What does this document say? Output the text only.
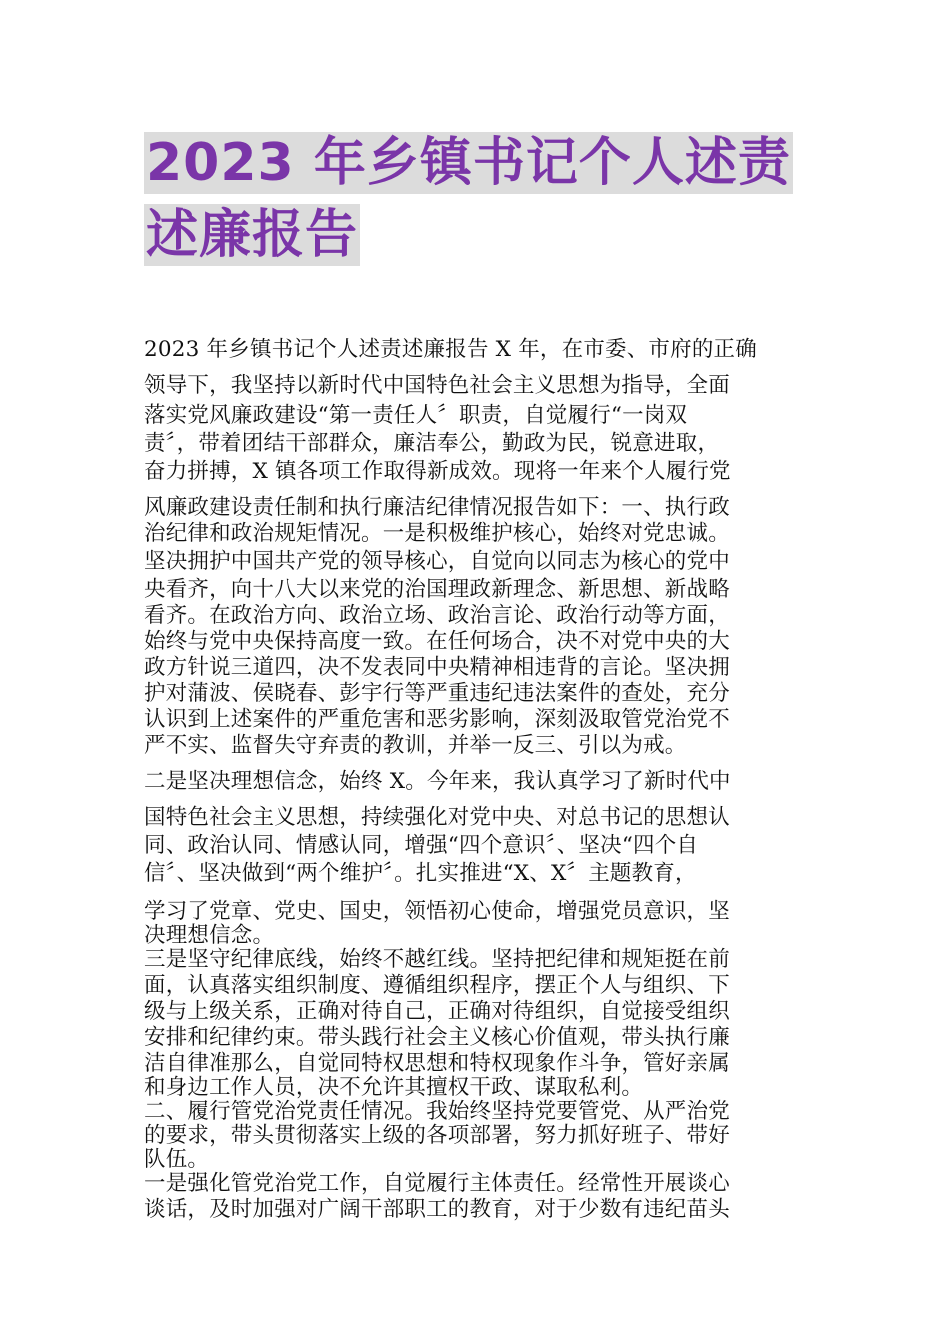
2023 年乡镇书记个人述责
述廉报告
2023 年乡镇书记个人述责述廉报告 X 年，在市委、市府的正确
领导下，我坚持以新时代中国特色社会主义思想为指导，全面
落实党风廉政建设“第一责任人〞职责，自觉履行“一岗双
责〞，带着团结干部群众，廉洁奉公，勤政为民，锐意进取，
奋力拼搏，X 镇各项工作取得新成效。现将一年来个人履行党
风廉政建设责任制和执行廉洁纪律情况报告如下：一、执行政
治纪律和政治规矩情况。一是积极维护核心，始终对党忠诚。
坚决拥护中国共产党的领导核心，自觉向以同志为核心的党中
央看齐，向十八大以来党的治国理政新理念、新思想、新战略
看齐。在政治方向、政治立场、政治言论、政治行动等方面，
始终与党中央保持高度一致。在任何场合，决不对党中央的大
政方针说三道四，决不发表同中央精神相违背的言论。坚决拥
护对蒲波、侯晓春、彭宇行等严重违纪违法案件的查处，充分
认识到上述案件的严重危害和恶劣影响，深刻汲取管党治党不
严不实、监督失守弃责的教训，并举一反三、引以为戒。
二是坚决理想信念，始终 X。今年来，我认真学习了新时代中
国特色社会主义思想，持续强化对党中央、对总书记的思想认
同、政治认同、情感认同，增强“四个意识〞、坚决“四个自
信〞、坚决做到“两个维护〞。扎实推进“X、X〞主题教育，
学习了党章、党史、国史，领悟初心使命，增强党员意识，坚
决理想信念。
三是坚守纪律底线，始终不越红线。坚持把纪律和规矩挺在前
面，认真落实组织制度、遵循组织程序，摆正个人与组织、下
级与上级关系，正确对待自己，正确对待组织，自觉接受组织
安排和纪律约束。带头践行社会主义核心价值观，带头执行廉
洁自律准那么，自觉同特权思想和特权现象作斗争，管好亲属
和身边工作人员，决不允许其擅权干政、谋取私利。
二、履行管党治党责任情况。我始终坚持党要管党、从严治党
的要求，带头贯彻落实上级的各项部署，努力抓好班子、带好
队伍。
一是强化管党治党工作，自觉履行主体责任。经常性开展谈心
谈话，及时加强对广阔干部职工的教育，对于少数有违纪苗头
